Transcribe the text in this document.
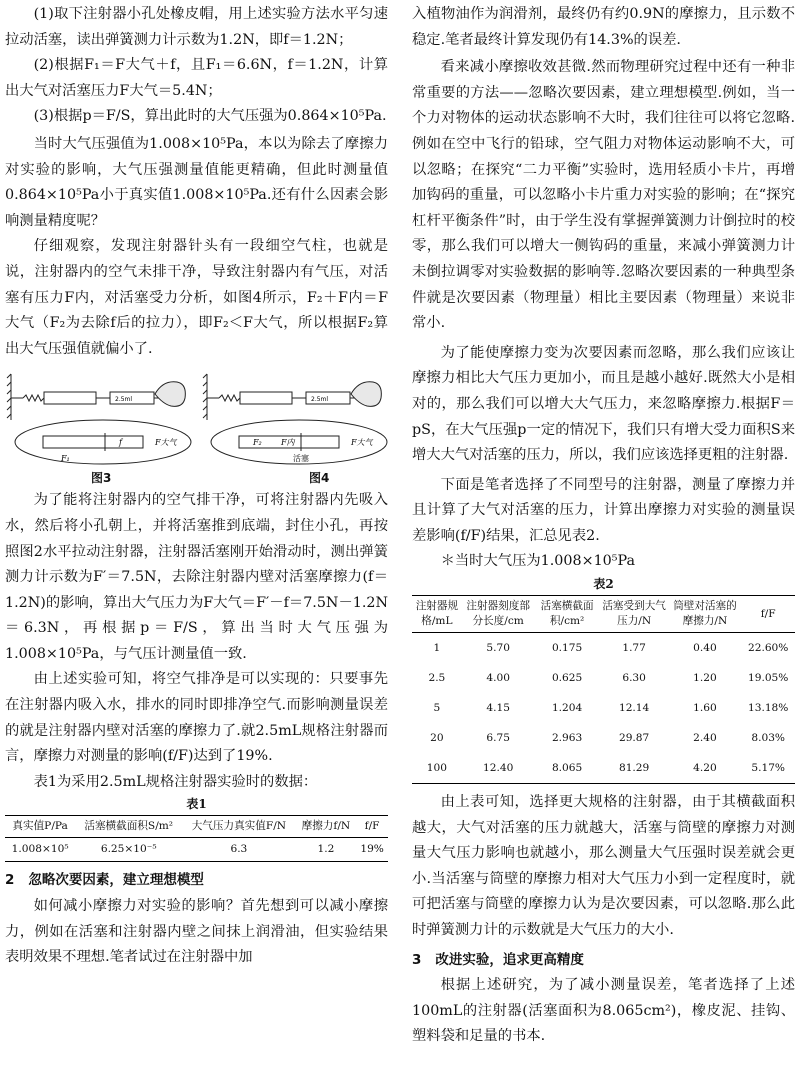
(1)取下注射器小孔处橡皮帽，用上述实验方法水平匀速拉动活塞，读出弹簧测力计示数为1.2N，即f＝1.2N；

(2)根据F₁＝F大气＋f，且F₁＝6.6N，f＝1.2N，计算出大气对活塞压力F大气＝5.4N；

(3)根据p＝F/S，算出此时的大气压强为0.864×10⁵Pa.

当时大气压强值为1.008×10⁵Pa，本以为除去了摩擦力对实验的影响，大气压强测量值能更精确，但此时测量值0.864×10⁵Pa小于真实值1.008×10⁵Pa.还有什么因素会影响测量精度呢？

仔细观察，发现注射器针头有一段细空气柱，也就是说，注射器内的空气未排干净，导致注射器内有气压，对活塞有压力F内，对活塞受力分析，如图4所示，F₂＋F内＝F大气（F₂为去除f后的拉力），即F₂＜F大气，所以根据F₂算出大气压强值就偏小了.

2.5ml
F₁
f	F大气
图3
2.5ml
F₂ F内
活塞
F大气
图4

为了能将注射器内的空气排干净，可将注射器内先吸入水，然后将小孔朝上，并将活塞推到底端，封住小孔，再按照图2水平拉动注射器，注射器活塞刚开始滑动时，测出弹簧测力计示数为F′＝7.5N，去除注射器内壁对活塞摩擦力(f＝1.2N)的影响，算出大气压力为F大气＝F′－f＝7.5N－1.2N＝6.3N，再根据p＝F/S，算出当时大气压强为1.008×10⁵Pa，与气压计测量值一致.

由上述实验可知，将空气排净是可以实现的：只要事先在注射器内吸入水，排水的同时即排净空气.而影响测量误差的就是注射器内壁对活塞的摩擦力了.就2.5mL规格注射器而言，摩擦力对测量的影响(f/F)达到了19%.

表1为采用2.5mL规格注射器实验时的数据：

表1
真实值P/Pa	活塞横截面积S/m²	大气压力真实值F/N	摩擦力f/N	f/F
1.008×10⁵	6.25×10⁻⁵	6.3	1.2	19%

2 忽略次要因素，建立理想模型

如何减小摩擦力对实验的影响？首先想到可以减小摩擦力，例如在活塞和注射器内壁之间抹上润滑油，但实验结果表明效果不理想.笔者试过在注射器中加

入植物油作为润滑剂，最终仍有约0.9N的摩擦力，且示数不稳定.笔者最终计算发现仍有14.3%的误差.

看来减小摩擦收效甚微.然而物理研究过程中还有一种非常重要的方法——忽略次要因素，建立理想模型.例如，当一个力对物体的运动状态影响不大时，我们往往可以将它忽略.例如在空中飞行的铅球，空气阻力对物体运动影响不大，可以忽略；在探究“二力平衡”实验时，选用轻质小卡片，再增加钩码的重量，可以忽略小卡片重力对实验的影响；在“探究杠杆平衡条件”时，由于学生没有掌握弹簧测力计倒拉时的校零，那么我们可以增大一侧钩码的重量，来减小弹簧测力计未倒拉调零对实验数据的影响等.忽略次要因素的一种典型条件就是次要因素（物理量）相比主要因素（物理量）来说非常小.

为了能使摩擦力变为次要因素而忽略，那么我们应该让摩擦力相比大气压力更加小，而且是越小越好.既然大小是相对的，那么我们可以增大大气压力，来忽略摩擦力.根据F＝pS，在大气压强p一定的情况下，我们只有增大受力面积S来增大大气对活塞的压力，所以，我们应该选择更粗的注射器.

下面是笔者选择了不同型号的注射器，测量了摩擦力并且计算了大气对活塞的压力，计算出摩擦力对实验的测量误差影响(f/F)结果，汇总见表2.

＊当时大气压为1.008×10⁵Pa

表2
注射器规格/mL	注射器刻度部分长度/cm	活塞横截面积/cm²	活塞受到大气压力/N	筒壁对活塞的摩擦力/N	f/F
1	5.70	0.175	1.77	0.40	22.60%
2.5	4.00	0.625	6.30	1.20	19.05%
5	4.15	1.204	12.14	1.60	13.18%
20	6.75	2.963	29.87	2.40	8.03%
100	12.40	8.065	81.29	4.20	5.17%

由上表可知，选择更大规格的注射器，由于其横截面积越大，大气对活塞的压力就越大，活塞与筒壁的摩擦力对测量大气压力影响也就越小，那么测量大气压强时误差就会更小.当活塞与筒壁的摩擦力相对大气压力小到一定程度时，就可把活塞与筒壁的摩擦力认为是次要因素，可以忽略.那么此时弹簧测力计的示数就是大气压力的大小.

3 改进实验，追求更高精度

根据上述研究，为了减小测量误差，笔者选择了上述100mL的注射器(活塞面积为8.065cm²)，橡皮泥、挂钩、塑料袋和足量的书本.
